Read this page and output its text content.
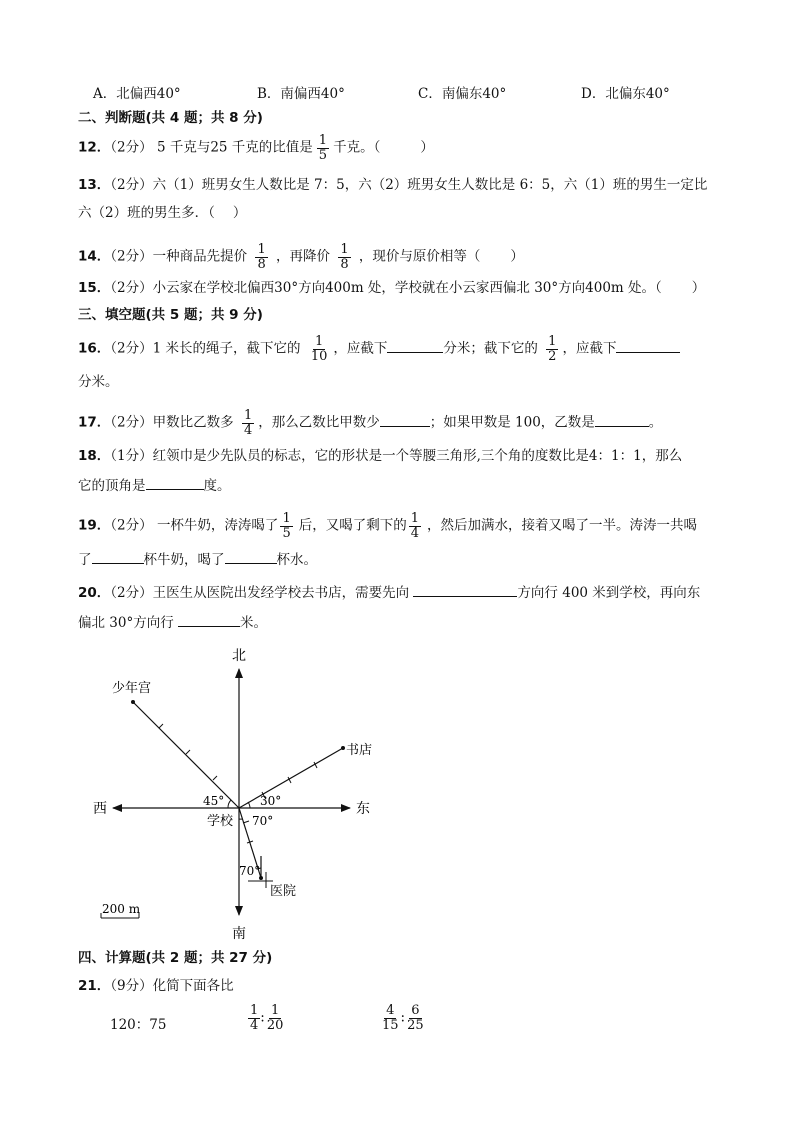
A．北偏西40°	B．南偏西40°	C．南偏东40°	D．北偏东40°
二、判断题(共 4 题；共 8 分)
12．（2分） 5 千克与25 千克的比值是 $\frac{1}{5}$ 千克。（	）
13．（2分）六（1）班男女生人数比是 7：5，六（2）班男女生人数比是 6：5，六（1）班的男生一定比
六（2）班的男生多．（ ）
14．（2分）一种商品先提价 $\frac{1}{8}$ ，再降价 $\frac{1}{8}$ ，现价与原价相等（ ）
15．（2分）小云家在学校北偏西30°方向400m 处，学校就在小云家西偏北 30°方向400m 处。（ ）
三、填空题(共 5 题；共 9 分)
16．（2分）1 米长的绳子，截下它的 $\frac{1}{10}$ ，应截下	分米；截下它的 $\frac{1}{2}$ ，应截下
分米。
17．（2分）甲数比乙数多 $\frac{1}{4}$ ，那么乙数比甲数少	；如果甲数是 100，乙数是	。
18．（1分）红领巾是少先队员的标志，它的形状是一个等腰三角形,三个角的度数比是4：1：1，那么
它的顶角是	度。
19．（2分） 一杯牛奶，涛涛喝了 $\frac{1}{5}$ 后，又喝了剩下的 $\frac{1}{4}$ ，然后加满水，接着又喝了一半。涛涛一共喝
了	杯牛奶，喝了	杯水。
20．（2分）王医生从医院出发经学校去书店，需要先向	方向行 400 米到学校，再向东
偏北 30°方向行	米。
北
南
东
西
少年宫
书店
学校
医院
45°	30°
70°
70°
200 m
四、计算题(共 2 题；共 27 分)
21．（9分）化简下面各比
120：75	$\frac{1}{4}$ : $\frac{1}{20}$	$\frac{4}{15}$ : $\frac{6}{25}$
